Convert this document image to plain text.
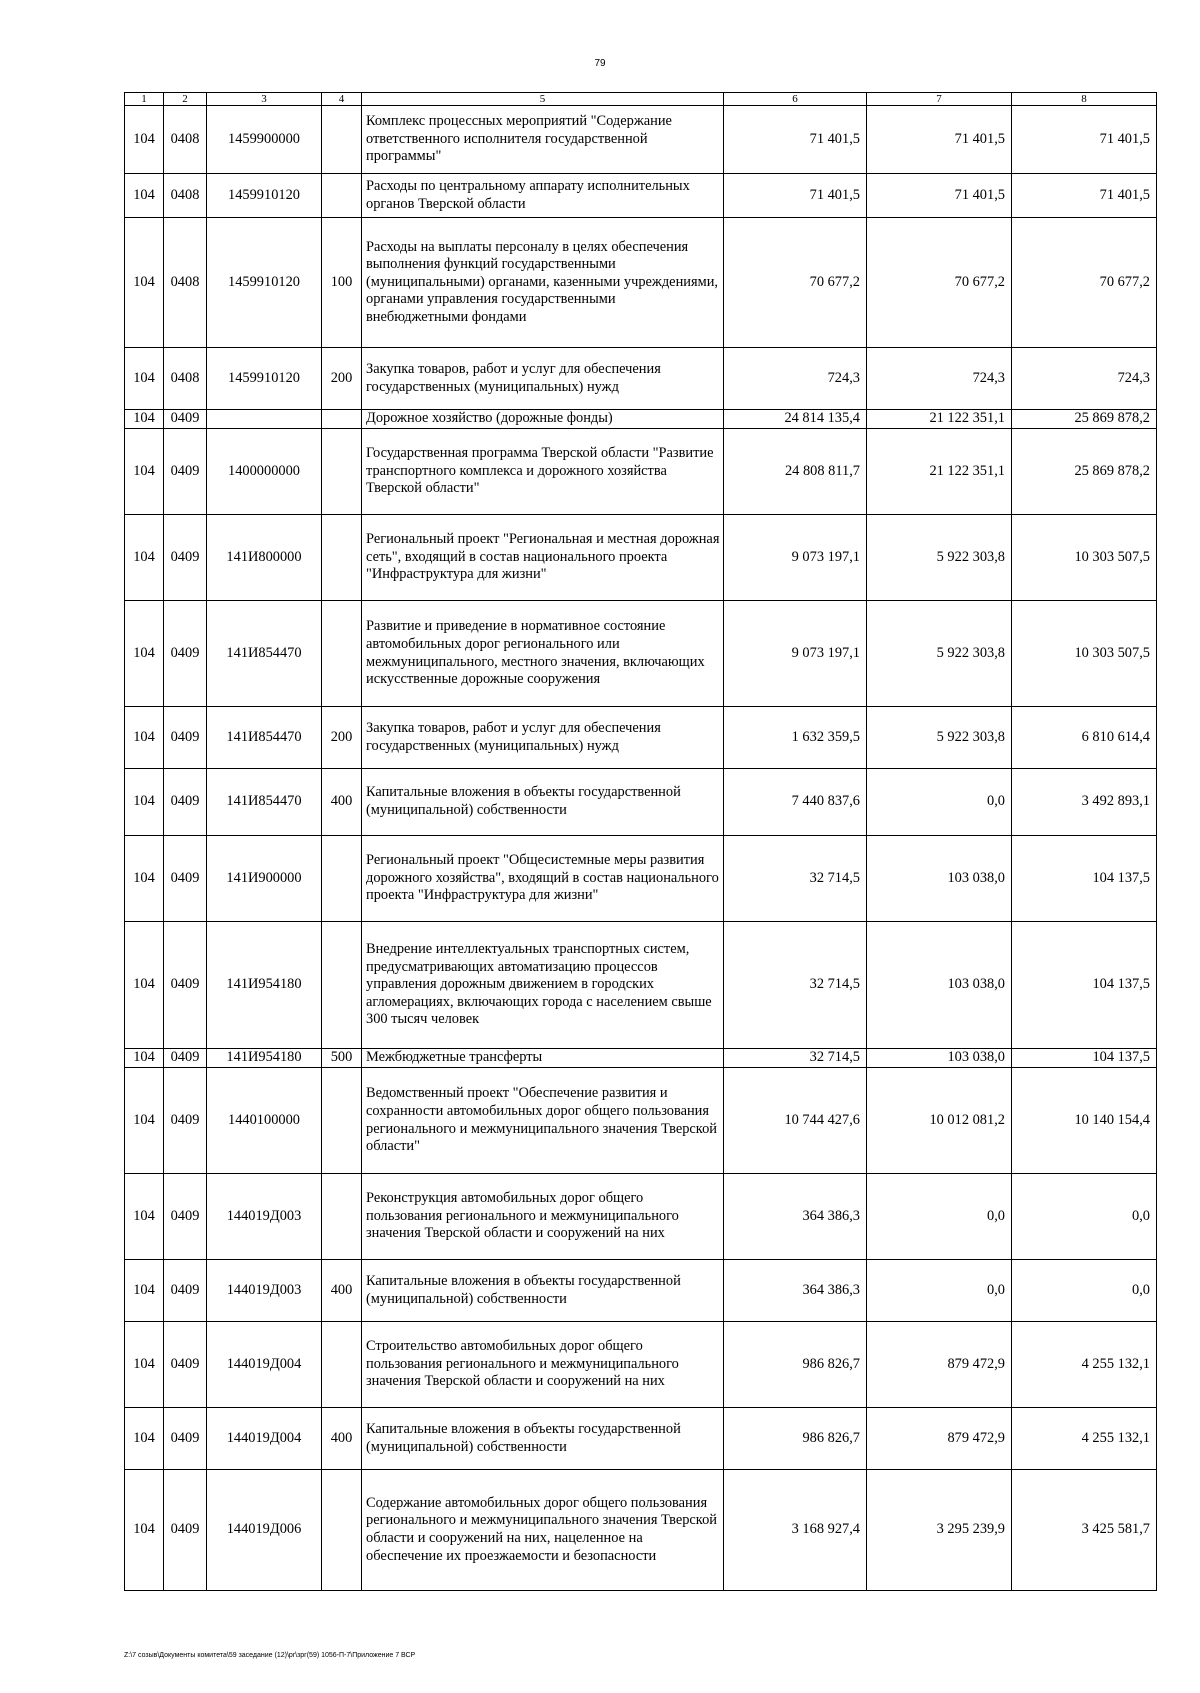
79
1	2	3	4	5	6	7	8
104	0408	1459900000		Комплекс процессных мероприятий "Содержание ответственного исполнителя государственной программы"	71 401,5	71 401,5	71 401,5
104	0408	1459910120		Расходы по центральному аппарату исполнительных органов Тверской области	71 401,5	71 401,5	71 401,5
104	0408	1459910120	100	Расходы на выплаты персоналу в целях обеспечения выполнения функций государственными (муниципальными) органами, казенными учреждениями, органами управления государственными внебюджетными фондами	70 677,2	70 677,2	70 677,2
104	0408	1459910120	200	Закупка товаров, работ и услуг для обеспечения государственных (муниципальных) нужд	724,3	724,3	724,3
104	0409			Дорожное хозяйство (дорожные фонды)	24 814 135,4	21 122 351,1	25 869 878,2
104	0409	1400000000		Государственная программа Тверской области "Развитие транспортного комплекса и дорожного хозяйства Тверской области"	24 808 811,7	21 122 351,1	25 869 878,2
104	0409	141И800000		Региональный проект "Региональная и местная дорожная сеть", входящий в состав национального проекта "Инфраструктура для жизни"	9 073 197,1	5 922 303,8	10 303 507,5
104	0409	141И854470		Развитие и приведение в нормативное состояние автомобильных дорог регионального или межмуниципального, местного значения, включающих искусственные дорожные сооружения	9 073 197,1	5 922 303,8	10 303 507,5
104	0409	141И854470	200	Закупка товаров, работ и услуг для обеспечения государственных (муниципальных) нужд	1 632 359,5	5 922 303,8	6 810 614,4
104	0409	141И854470	400	Капитальные вложения в объекты государственной (муниципальной) собственности	7 440 837,6	0,0	3 492 893,1
104	0409	141И900000		Региональный проект "Общесистемные меры развития дорожного хозяйства", входящий в состав национального проекта "Инфраструктура для жизни"	32 714,5	103 038,0	104 137,5
104	0409	141И954180		Внедрение интеллектуальных транспортных систем, предусматривающих автоматизацию процессов управления дорожным движением в городских агломерациях, включающих города с населением свыше 300 тысяч человек	32 714,5	103 038,0	104 137,5
104	0409	141И954180	500	Межбюджетные трансферты	32 714,5	103 038,0	104 137,5
104	0409	1440100000		Ведомственный проект "Обеспечение развития и сохранности автомобильных дорог общего пользования регионального и межмуниципального значения Тверской области"	10 744 427,6	10 012 081,2	10 140 154,4
104	0409	144019Д003		Реконструкция автомобильных дорог общего пользования регионального и межмуниципального значения Тверской области и сооружений на них	364 386,3	0,0	0,0
104	0409	144019Д003	400	Капитальные вложения в объекты государственной (муниципальной) собственности	364 386,3	0,0	0,0
104	0409	144019Д004		Строительство автомобильных дорог общего пользования регионального и межмуниципального значения Тверской области и сооружений на них	986 826,7	879 472,9	4 255 132,1
104	0409	144019Д004	400	Капитальные вложения в объекты государственной (муниципальной) собственности	986 826,7	879 472,9	4 255 132,1
104	0409	144019Д006		Содержание автомобильных дорог общего пользования регионального и межмуниципального значения Тверской области и сооружений на них, нацеленное на обеспечение их проезжаемости и безопасности	3 168 927,4	3 295 239,9	3 425 581,7
Z:\7 созыв\Документы комитета\59 заседание (12)\pr\зрг(59) 1056-П-7\Приложение 7 ВСР
